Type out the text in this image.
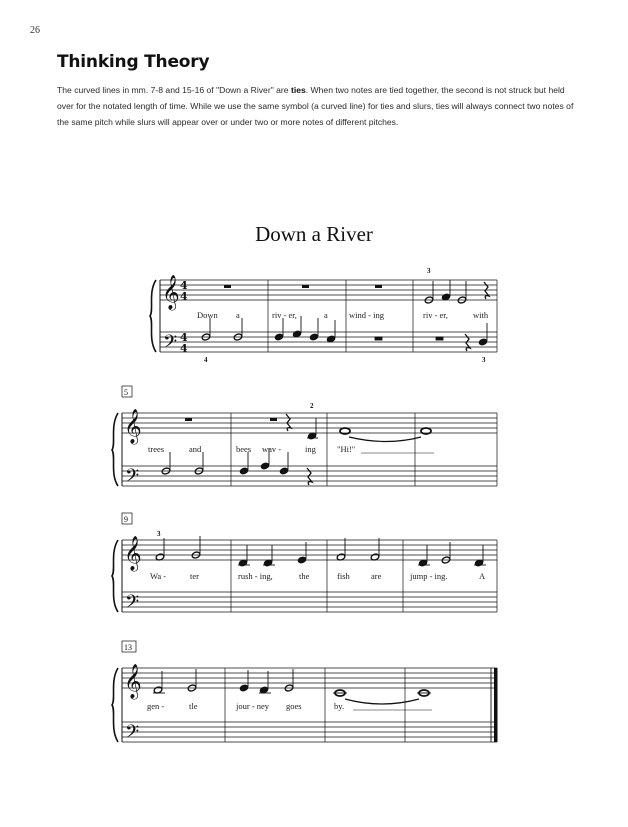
26
Thinking Theory

The curved lines in mm. 7-8 and 15-16 of "Down a River" are ties. When two notes are tied together, the second is not struck but held over for the notated length of time. While we use the same symbol (a curved line) for ties and slurs, ties will always connect two notes of the same pitch while slurs will appear over or under two or more notes of different pitches.

Down a River
𝄞
𝄢
4
4
4
4
3
4	3
Down a	riv - er,	a wind - ing	riv - er,	with
5
𝄞
𝄢
2
trees	and	bees wav -	ing "Hi!"
9
𝄞
𝄢
3
Wa -	ter	rush - ing,	the	fish	are	jump - ing.	A
13
𝄞
𝄢
gen -	tle	jour - ney goes	by.
